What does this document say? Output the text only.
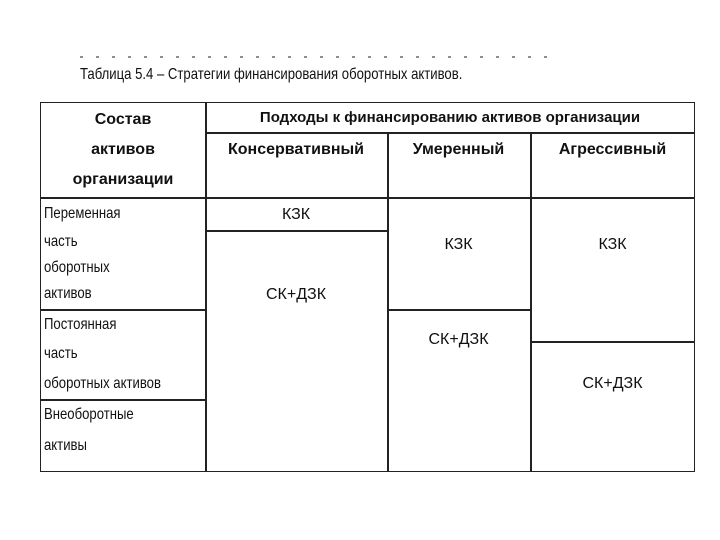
Таблица 5.4 – Стратегии финансирования оборотных активов.
Состав
активов
организации
Подходы к финансированию активов организации
Консервативный	Умеренный	Агрессивный
Переменная
часть
оборотных
активов
Постоянная
часть
оборотных активов
Внеоборотные
активы
КЗК
СК+ДЗК
КЗК
СК+ДЗК
КЗК
СК+ДЗК
